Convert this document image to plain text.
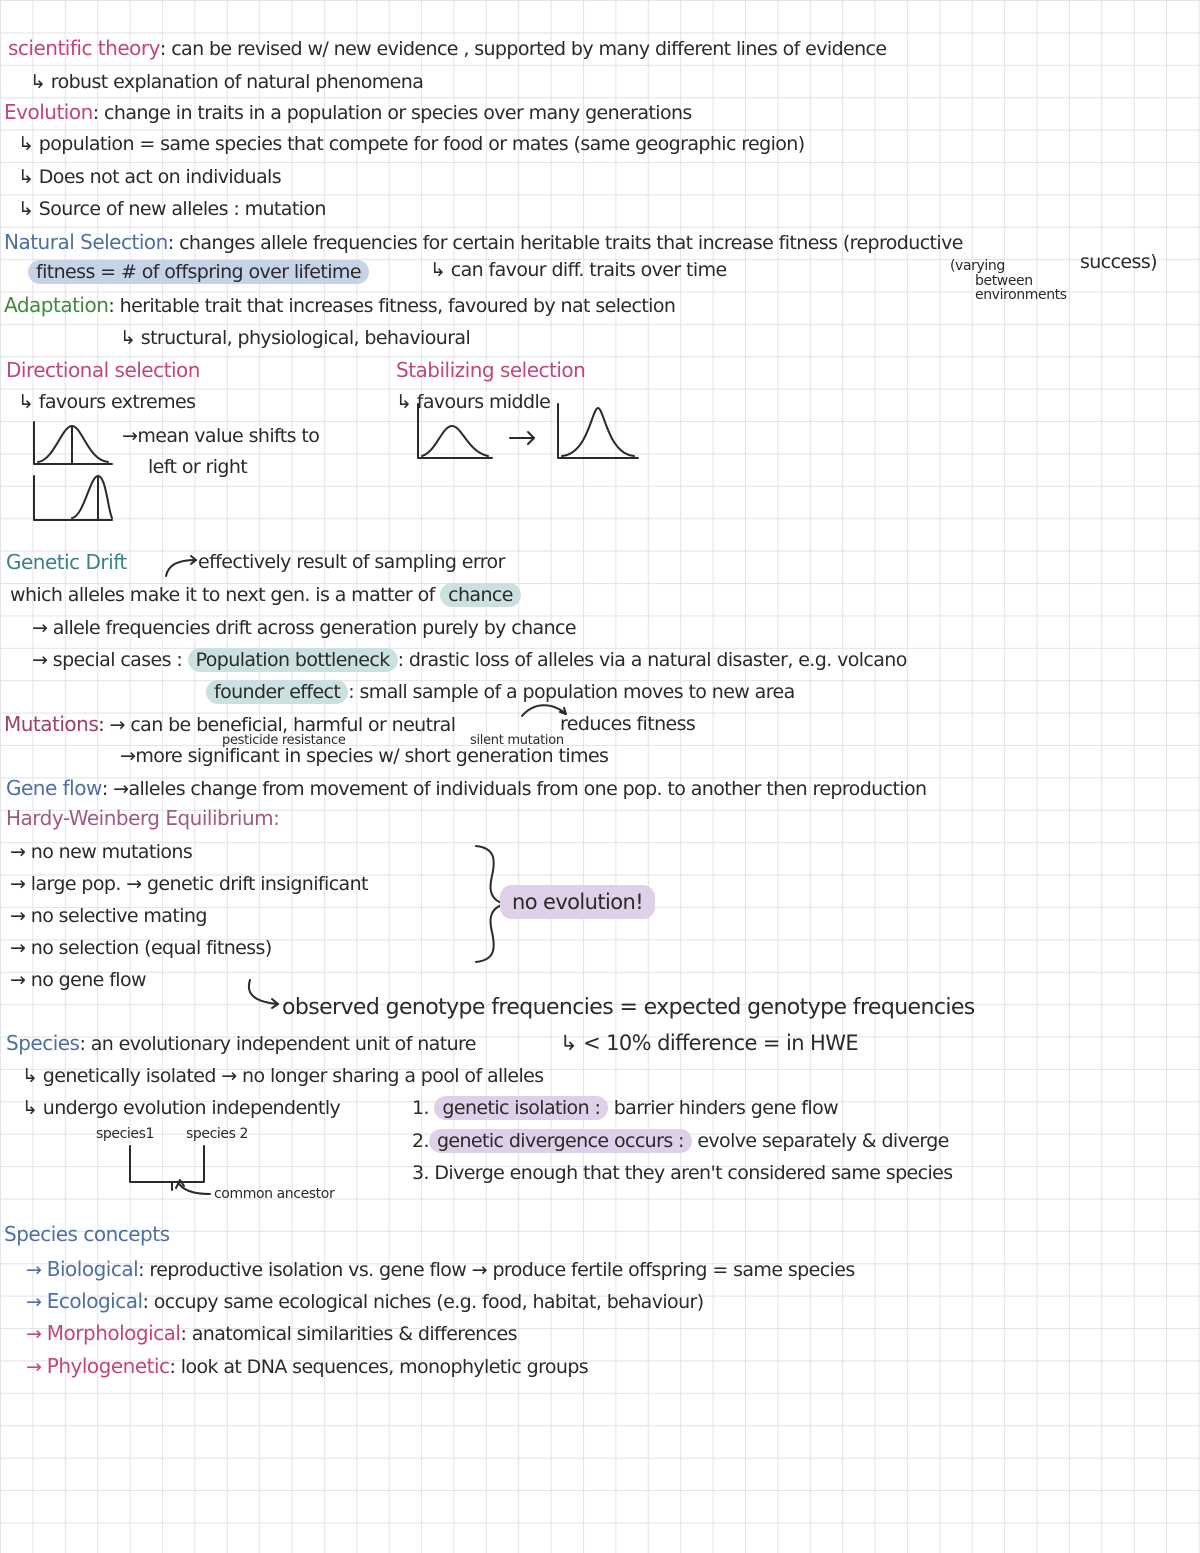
scientific theory: can be revised w/ new evidence , supported by many different lines of evidence
↳ robust explanation of natural phenomena
Evolution: change in traits in a population or species over many generations
↳ population = same species that compete for food or mates (same geographic region)
↳ Does not act on individuals
↳ Source of new alleles : mutation
Natural Selection: changes allele frequencies for certain heritable traits that increase fitness (reproductive
success)
fitness = # of offspring over lifetime	↳ can favour diff. traits over time	(varying
between
environments
Adaptation: heritable trait that increases fitness, favoured by nat selection
↳ structural, physiological, behavioural
Directional selection
↳ favours extremes
→mean value shifts to
left or right
Stabilizing selection
↳ favours middle
Genetic Drift	effectively result of sampling error
which alleles make it to next gen. is a matter of chance
→ allele frequencies drift across generation purely by chance
→ special cases : Population bottleneck : drastic loss of alleles via a natural disaster, e.g. volcano
founder effect : small sample of a population moves to new area
Mutations: → can be beneficial, harmful or neutral	reduces fitness
pesticide resistance	silent mutation
→more significant in species w/ short generation times
Gene flow: →alleles change from movement of individuals from one pop. to another then reproduction
Hardy-Weinberg Equilibrium:
→ no new mutations
→ large pop. → genetic drift insignificant
→ no selective mating
→ no selection (equal fitness)
→ no gene flow
no evolution!
observed genotype frequencies = expected genotype frequencies
Species: an evolutionary independent unit of nature	↳ < 10% difference = in HWE
↳ genetically isolated → no longer sharing a pool of alleles
↳ undergo evolution independently
species1 species 2
common ancestor
1. genetic isolation : barrier hinders gene flow
2. genetic divergence occurs : evolve separately & diverge
3. Diverge enough that they aren't considered same species
Species concepts
→ Biological: reproductive isolation vs. gene flow → produce fertile offspring = same species
→ Ecological: occupy same ecological niches (e.g. food, habitat, behaviour)
→ Morphological: anatomical similarities & differences
→ Phylogenetic: look at DNA sequences, monophyletic groups
